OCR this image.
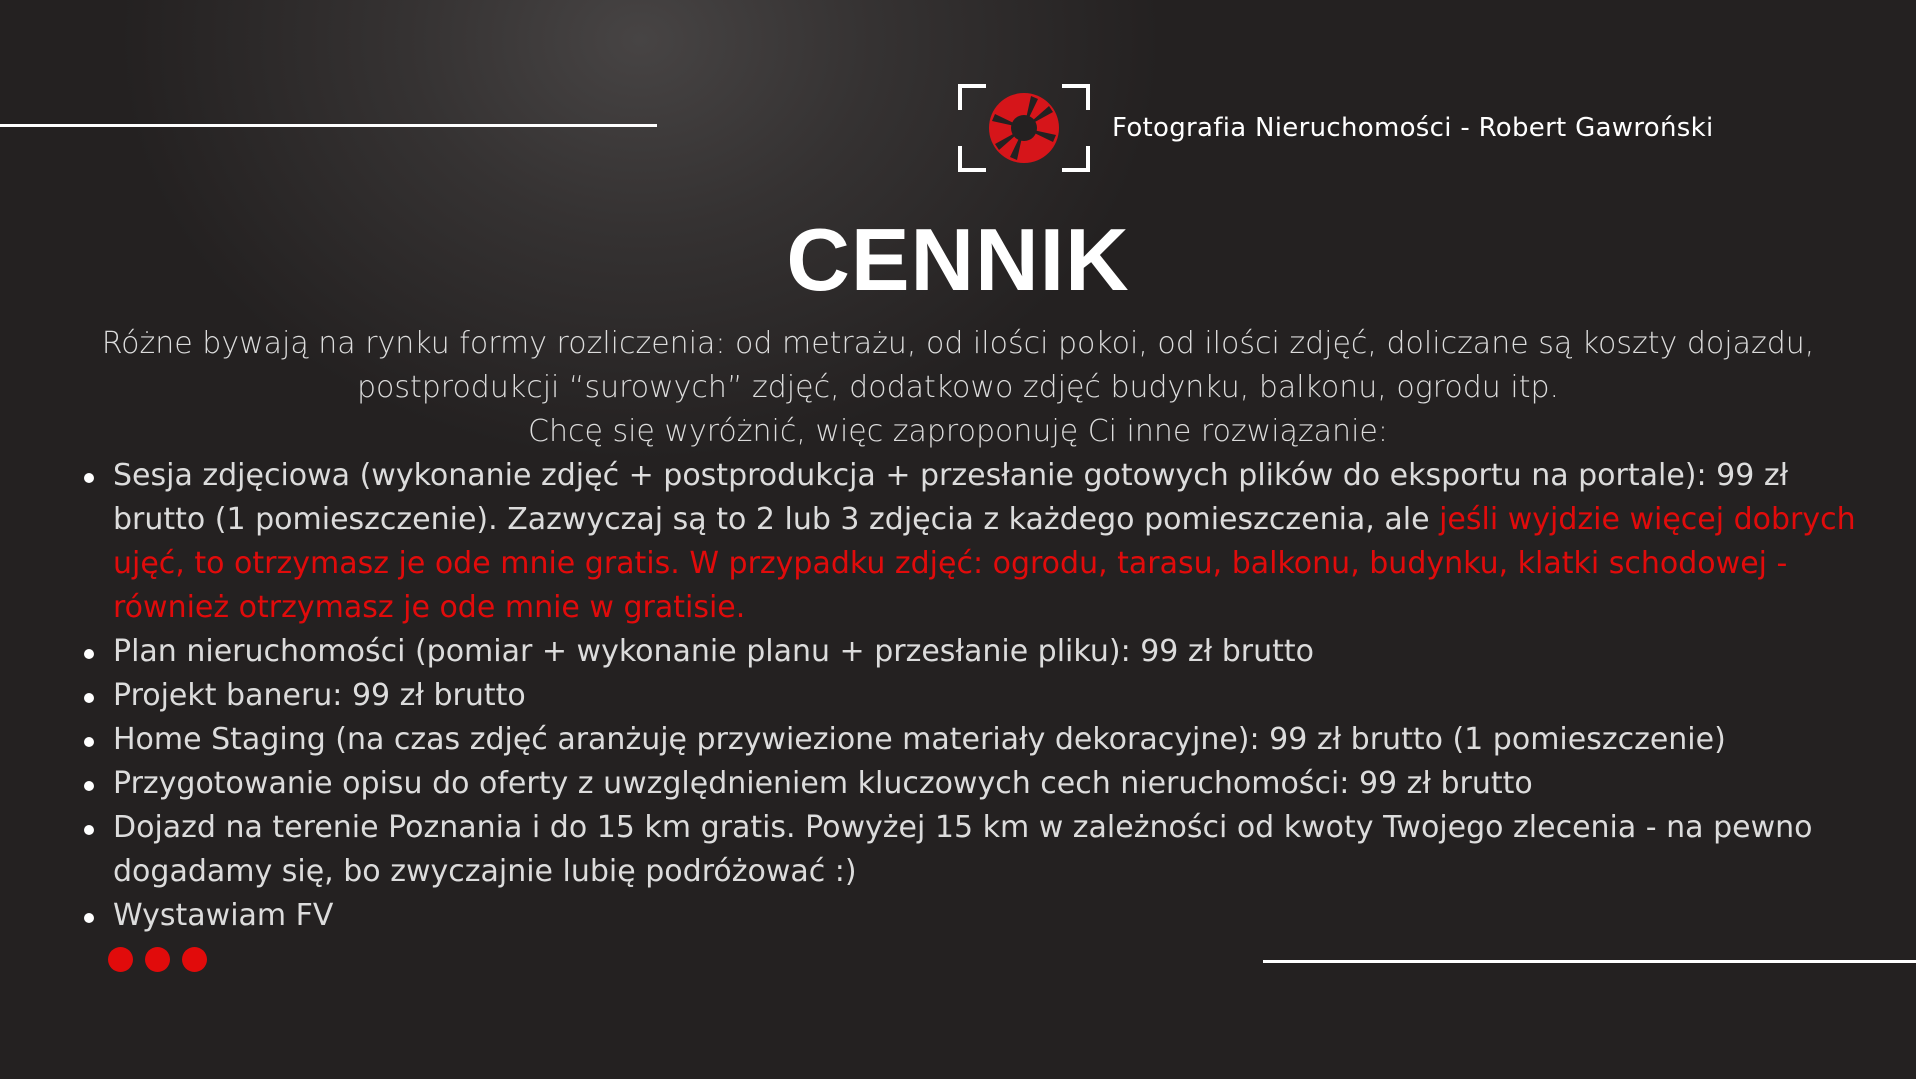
Fotografia Nieruchomości - Robert Gawroński
CENNIK

Różne bywają na rynku formy rozliczenia: od metrażu, od ilości pokoi, od ilości zdjęć, doliczane są koszty dojazdu, postprodukcji “surowych” zdjęć, dodatkowo zdjęć budynku, balkonu, ogrodu itp.

Chcę się wyróżnić, więc zaproponuję Ci inne rozwiązanie:

Sesja zdjęciowa (wykonanie zdjęć + postprodukcja + przesłanie gotowych plików do eksportu na portale): 99 zł brutto (1 pomieszczenie). Zazwyczaj są to 2 lub 3 zdjęcia z każdego pomieszczenia, ale jeśli wyjdzie więcej dobrych ujęć, to otrzymasz je ode mnie gratis. W przypadku zdjęć: ogrodu, tarasu, balkonu, budynku, klatki schodowej - również otrzymasz je ode mnie w gratisie.
Plan nieruchomości (pomiar + wykonanie planu + przesłanie pliku): 99 zł brutto
Projekt baneru: 99 zł brutto
Home Staging (na czas zdjęć aranżuję przywiezione materiały dekoracyjne): 99 zł brutto (1 pomieszczenie)
Przygotowanie opisu do oferty z uwzględnieniem kluczowych cech nieruchomości: 99 zł brutto
Dojazd na terenie Poznania i do 15 km gratis. Powyżej 15 km w zależności od kwoty Twojego zlecenia - na pewno dogadamy się, bo zwyczajnie lubię podróżować :)
Wystawiam FV
